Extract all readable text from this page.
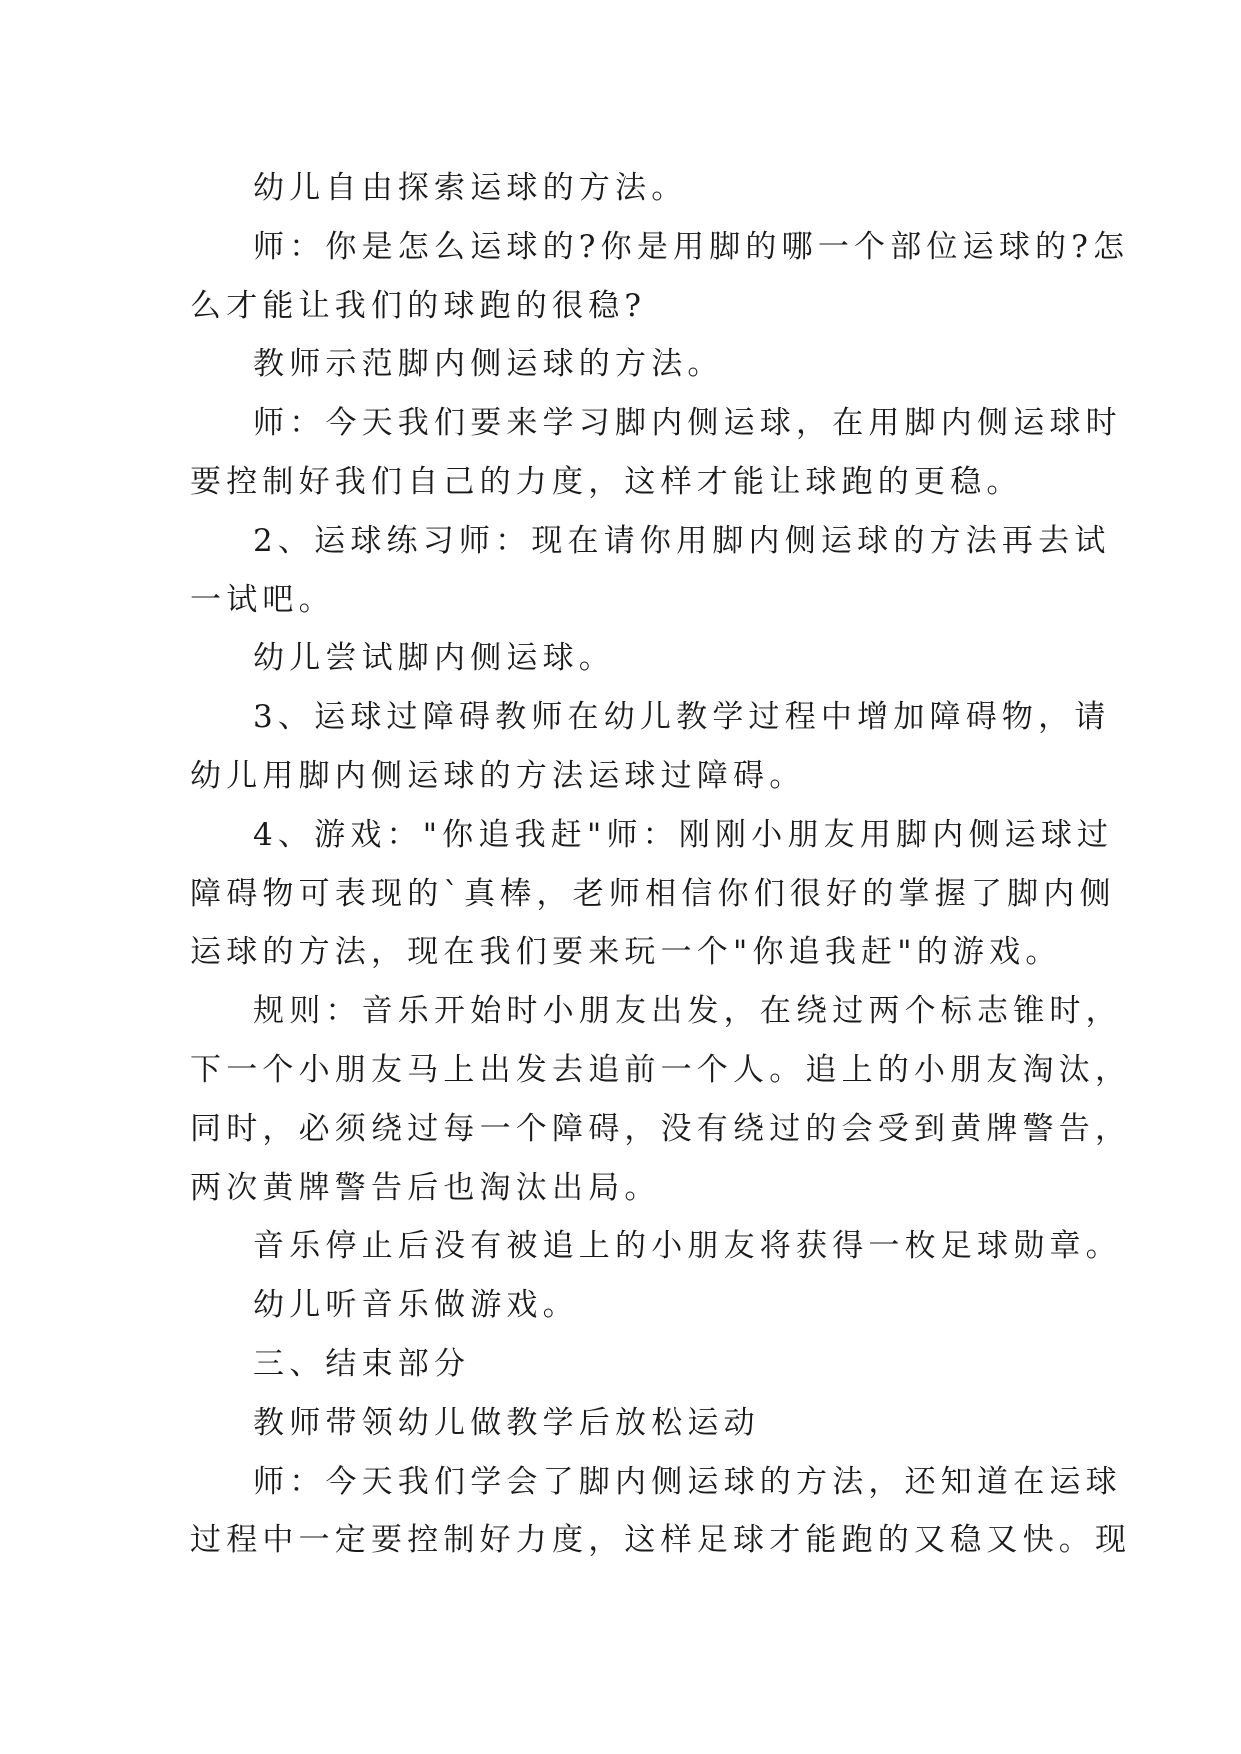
幼儿自由探索运球的方法。
师：你是怎么运球的?你是用脚的哪一个部位运球的?怎
么才能让我们的球跑的很稳?
教师示范脚内侧运球的方法。
师：今天我们要来学习脚内侧运球，在用脚内侧运球时
要控制好我们自己的力度，这样才能让球跑的更稳。
2、运球练习师：现在请你用脚内侧运球的方法再去试
一试吧。
幼儿尝试脚内侧运球。
3、运球过障碍教师在幼儿教学过程中增加障碍物，请
幼儿用脚内侧运球的方法运球过障碍。
4、游戏："你追我赶"师：刚刚小朋友用脚内侧运球过
障碍物可表现的`真棒，老师相信你们很好的掌握了脚内侧
运球的方法，现在我们要来玩一个"你追我赶"的游戏。
规则：音乐开始时小朋友出发，在绕过两个标志锥时，
下一个小朋友马上出发去追前一个人。追上的小朋友淘汰，
同时，必须绕过每一个障碍，没有绕过的会受到黄牌警告，
两次黄牌警告后也淘汰出局。
音乐停止后没有被追上的小朋友将获得一枚足球勋章。
幼儿听音乐做游戏。
三、结束部分
教师带领幼儿做教学后放松运动
师：今天我们学会了脚内侧运球的方法，还知道在运球
过程中一定要控制好力度，这样足球才能跑的又稳又快。现
